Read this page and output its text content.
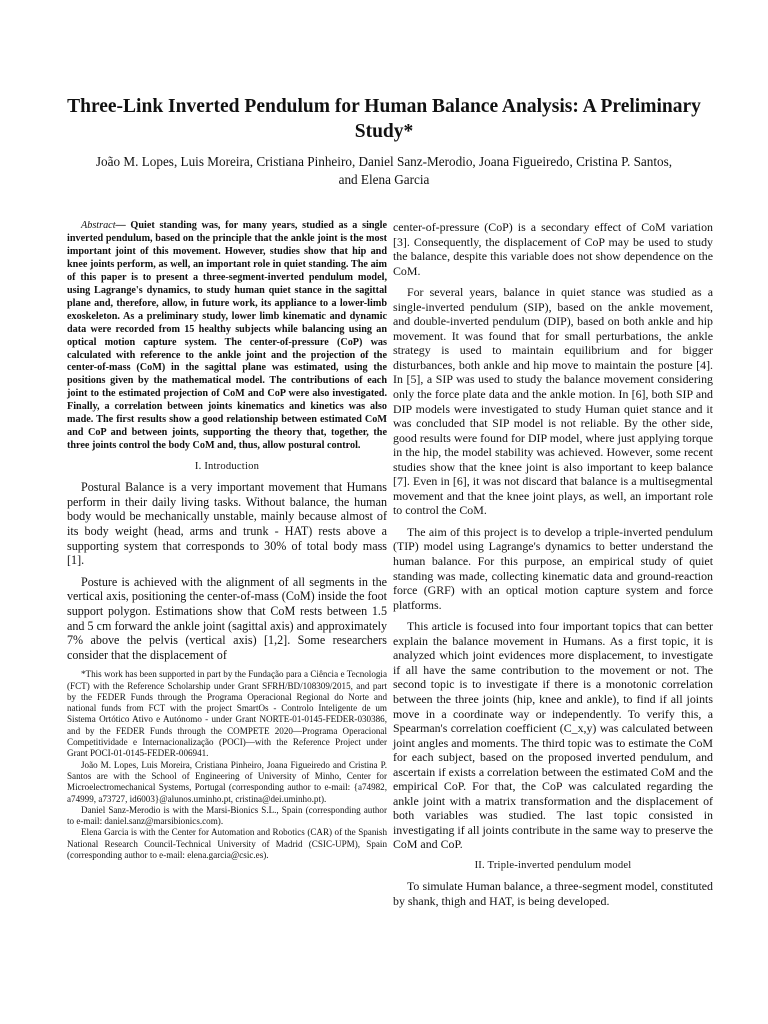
Three-Link Inverted Pendulum for Human Balance Analysis: A Preliminary Study*
João M. Lopes, Luis Moreira, Cristiana Pinheiro, Daniel Sanz-Merodio, Joana Figueiredo, Cristina P. Santos, and Elena Garcia

Abstract— Quiet standing was, for many years, studied as a single inverted pendulum, based on the principle that the ankle joint is the most important joint of this movement. However, studies show that hip and knee joints perform, as well, an important role in quiet standing. The aim of this paper is to present a three-segment-inverted pendulum model, using Lagrange's dynamics, to study human quiet stance in the sagittal plane and, therefore, allow, in future work, its appliance to a lower-limb exoskeleton. As a preliminary study, lower limb kinematic and dynamic data were recorded from 15 healthy subjects while balancing using an optical motion capture system. The center-of-pressure (CoP) was calculated with reference to the ankle joint and the projection of the center-of-mass (CoM) in the sagittal plane was estimated, using the positions given by the mathematical model. The contributions of each joint to the estimated projection of CoM and CoP were also investigated. Finally, a correlation between joints kinematics and kinetics was also made. The first results show a good relationship between estimated CoM and CoP and between joints, supporting the theory that, together, the three joints control the body CoM and, thus, allow postural control.

I. Introduction

Postural Balance is a very important movement that Humans perform in their daily living tasks. Without balance, the human body would be mechanically unstable, mainly because almost of its body weight (head, arms and trunk - HAT) rests above a supporting system that corresponds to 30% of total body mass [1].

Posture is achieved with the alignment of all segments in the vertical axis, positioning the center-of-mass (CoM) inside the foot support polygon. Estimations show that CoM rests between 1.5 and 5 cm forward the ankle joint (sagittal axis) and approximately 7% above the pelvis (vertical axis) [1,2]. Some researchers consider that the displacement of

*This work has been supported in part by the Fundação para a Ciência e Tecnologia (FCT) with the Reference Scholarship under Grant SFRH/BD/108309/2015, and part by the FEDER Funds through the Programa Operacional Regional do Norte and national funds from FCT with the project SmartOs - Controlo Inteligente de um Sistema Ortótico Ativo e Autónomo - under Grant NORTE-01-0145-FEDER-030386, and by the FEDER Funds through the COMPETE 2020—Programa Operacional Competitividade e Internacionalização (POCI)—with the Reference Project under Grant POCI-01-0145-FEDER-006941.

João M. Lopes, Luis Moreira, Cristiana Pinheiro, Joana Figueiredo and Cristina P. Santos are with the School of Engineering of University of Minho, Center for Microelectromechanical Systems, Portugal (corresponding author to e-mail: {a74982, a74999, a73727, id6003}@alunos.uminho.pt, cristina@dei.uminho.pt).

Daniel Sanz-Merodio is with the Marsi-Bionics S.L., Spain (corresponding author to e-mail: daniel.sanz@marsibionics.com).

Elena Garcia is with the Center for Automation and Robotics (CAR) of the Spanish National Research Council-Technical University of Madrid (CSIC-UPM), Spain (corresponding author to e-mail: elena.garcia@csic.es).

center-of-pressure (CoP) is a secondary effect of CoM variation [3]. Consequently, the displacement of CoP may be used to study the balance, despite this variable does not show dependence on the CoM.

For several years, balance in quiet stance was studied as a single-inverted pendulum (SIP), based on the ankle movement, and double-inverted pendulum (DIP), based on both ankle and hip movement. It was found that for small perturbations, the ankle strategy is used to maintain equilibrium and for bigger disturbances, both ankle and hip move to maintain the posture [4]. In [5], a SIP was used to study the balance movement considering only the force plate data and the ankle motion. In [6], both SIP and DIP models were investigated to study Human quiet stance and it was concluded that SIP model is not reliable. By the other side, good results were found for DIP model, where just applying torque in the hip, the model stability was achieved. However, some recent studies show that the knee joint is also important to keep balance [7]. Even in [6], it was not discard that balance is a multisegmental movement and that the knee joint plays, as well, an important role to control the CoM.

The aim of this project is to develop a triple-inverted pendulum (TIP) model using Lagrange's dynamics to better understand the human balance. For this purpose, an empirical study of quiet standing was made, collecting kinematic data and ground-reaction force (GRF) with an optical motion capture system and force platforms.

This article is focused into four important topics that can better explain the balance movement in Humans. As a first topic, it is analyzed which joint evidences more displacement, to investigate if all have the same contribution to the movement or not. The second topic is to investigate if there is a monotonic correlation between the three joints (hip, knee and ankle), to find if all joints move in a coordinate way or independently. To verify this, a Spearman's correlation coefficient (C_x,y) was calculated between joint angles and moments. The third topic was to estimate the CoM for each subject, based on the proposed inverted pendulum, and ascertain if exists a correlation between the estimated CoM and the empirical CoP. For that, the CoP was calculated regarding the ankle joint with a matrix transformation and the displacement of both variables was studied. The last topic consisted in investigating if all joints contribute in the same way to preserve the CoM and CoP.

II. Triple-inverted pendulum model

To simulate Human balance, a three-segment model, constituted by shank, thigh and HAT, is being developed.
